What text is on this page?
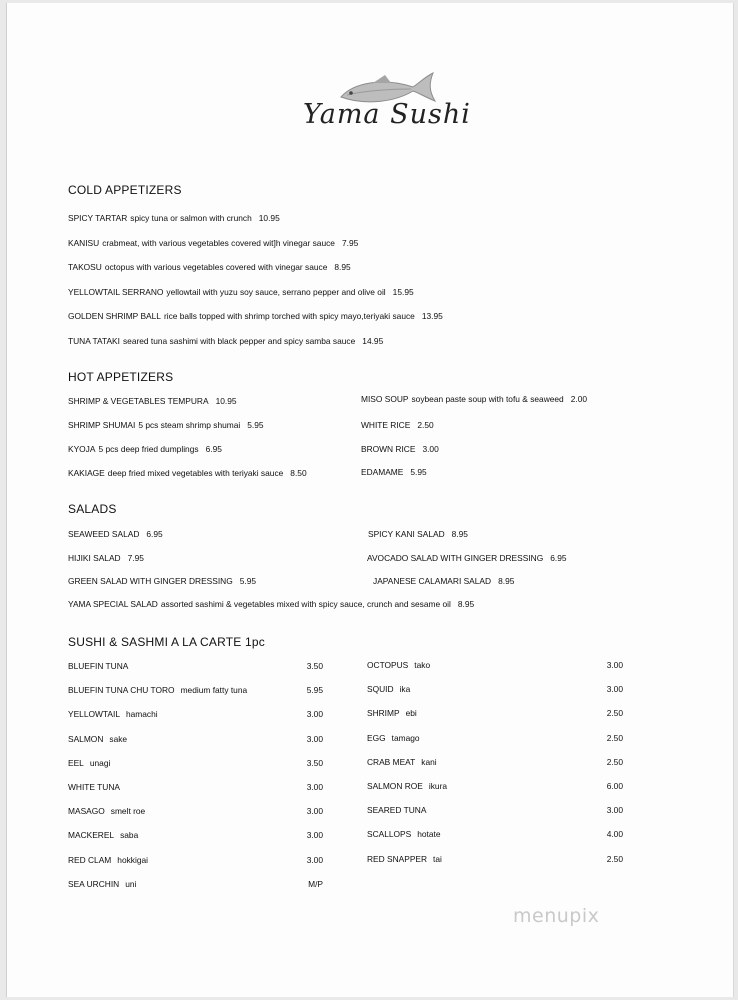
Yama Sushi
COLD APPETIZERS
SPICY TARTAR spicy tuna or salmon with crunch 10.95
KANISU crabmeat, with various vegetables covered wit]h vinegar sauce 7.95
TAKOSU octopus with various vegetables covered with vinegar sauce 8.95
YELLOWTAIL SERRANO yellowtail with yuzu soy sauce, serrano pepper and olive oil 15.95
GOLDEN SHRIMP BALL rice balls topped with shrimp torched with spicy mayo,teriyaki sauce 13.95
TUNA TATAKI seared tuna sashimi with black pepper and spicy samba sauce 14.95
HOT APPETIZERS
SHRIMP & VEGETABLES TEMPURA 10.95
SHRIMP SHUMAI 5 pcs steam shrimp shumai 5.95
KYOJA 5 pcs deep fried dumplings 6.95
KAKIAGE deep fried mixed vegetables with teriyaki sauce 8.50
MISO SOUP soybean paste soup with tofu & seaweed 2.00
WHITE RICE 2.50
BROWN RICE 3.00
EDAMAME 5.95
SALADS
SEAWEED SALAD 6.95
HIJIKI SALAD 7.95
GREEN SALAD WITH GINGER DRESSING 5.95
SPICY KANI SALAD 8.95
AVOCADO SALAD WITH GINGER DRESSING 6.95
JAPANESE CALAMARI SALAD 8.95
YAMA SPECIAL SALAD assorted sashimi & vegetables mixed with spicy sauce, crunch and sesame oil 8.95
SUSHI & SASHMI A LA CARTE 1pc
BLUEFIN TUNA	3.50
BLUEFIN TUNA CHU TORO medium fatty tuna	5.95
YELLOWTAIL hamachi	3.00
SALMON sake	3.00
EEL unagi	3.50
WHITE TUNA	3.00
MASAGO smelt roe	3.00
MACKEREL saba	3.00
RED CLAM hokkigai	3.00
SEA URCHIN uni	M/P
OCTOPUS tako	3.00
SQUID ika	3.00
SHRIMP ebi	2.50
EGG tamago	2.50
CRAB MEAT kani	2.50
SALMON ROE ikura	6.00
SEARED TUNA	3.00
SCALLOPS hotate	4.00
RED SNAPPER tai	2.50
menupix
